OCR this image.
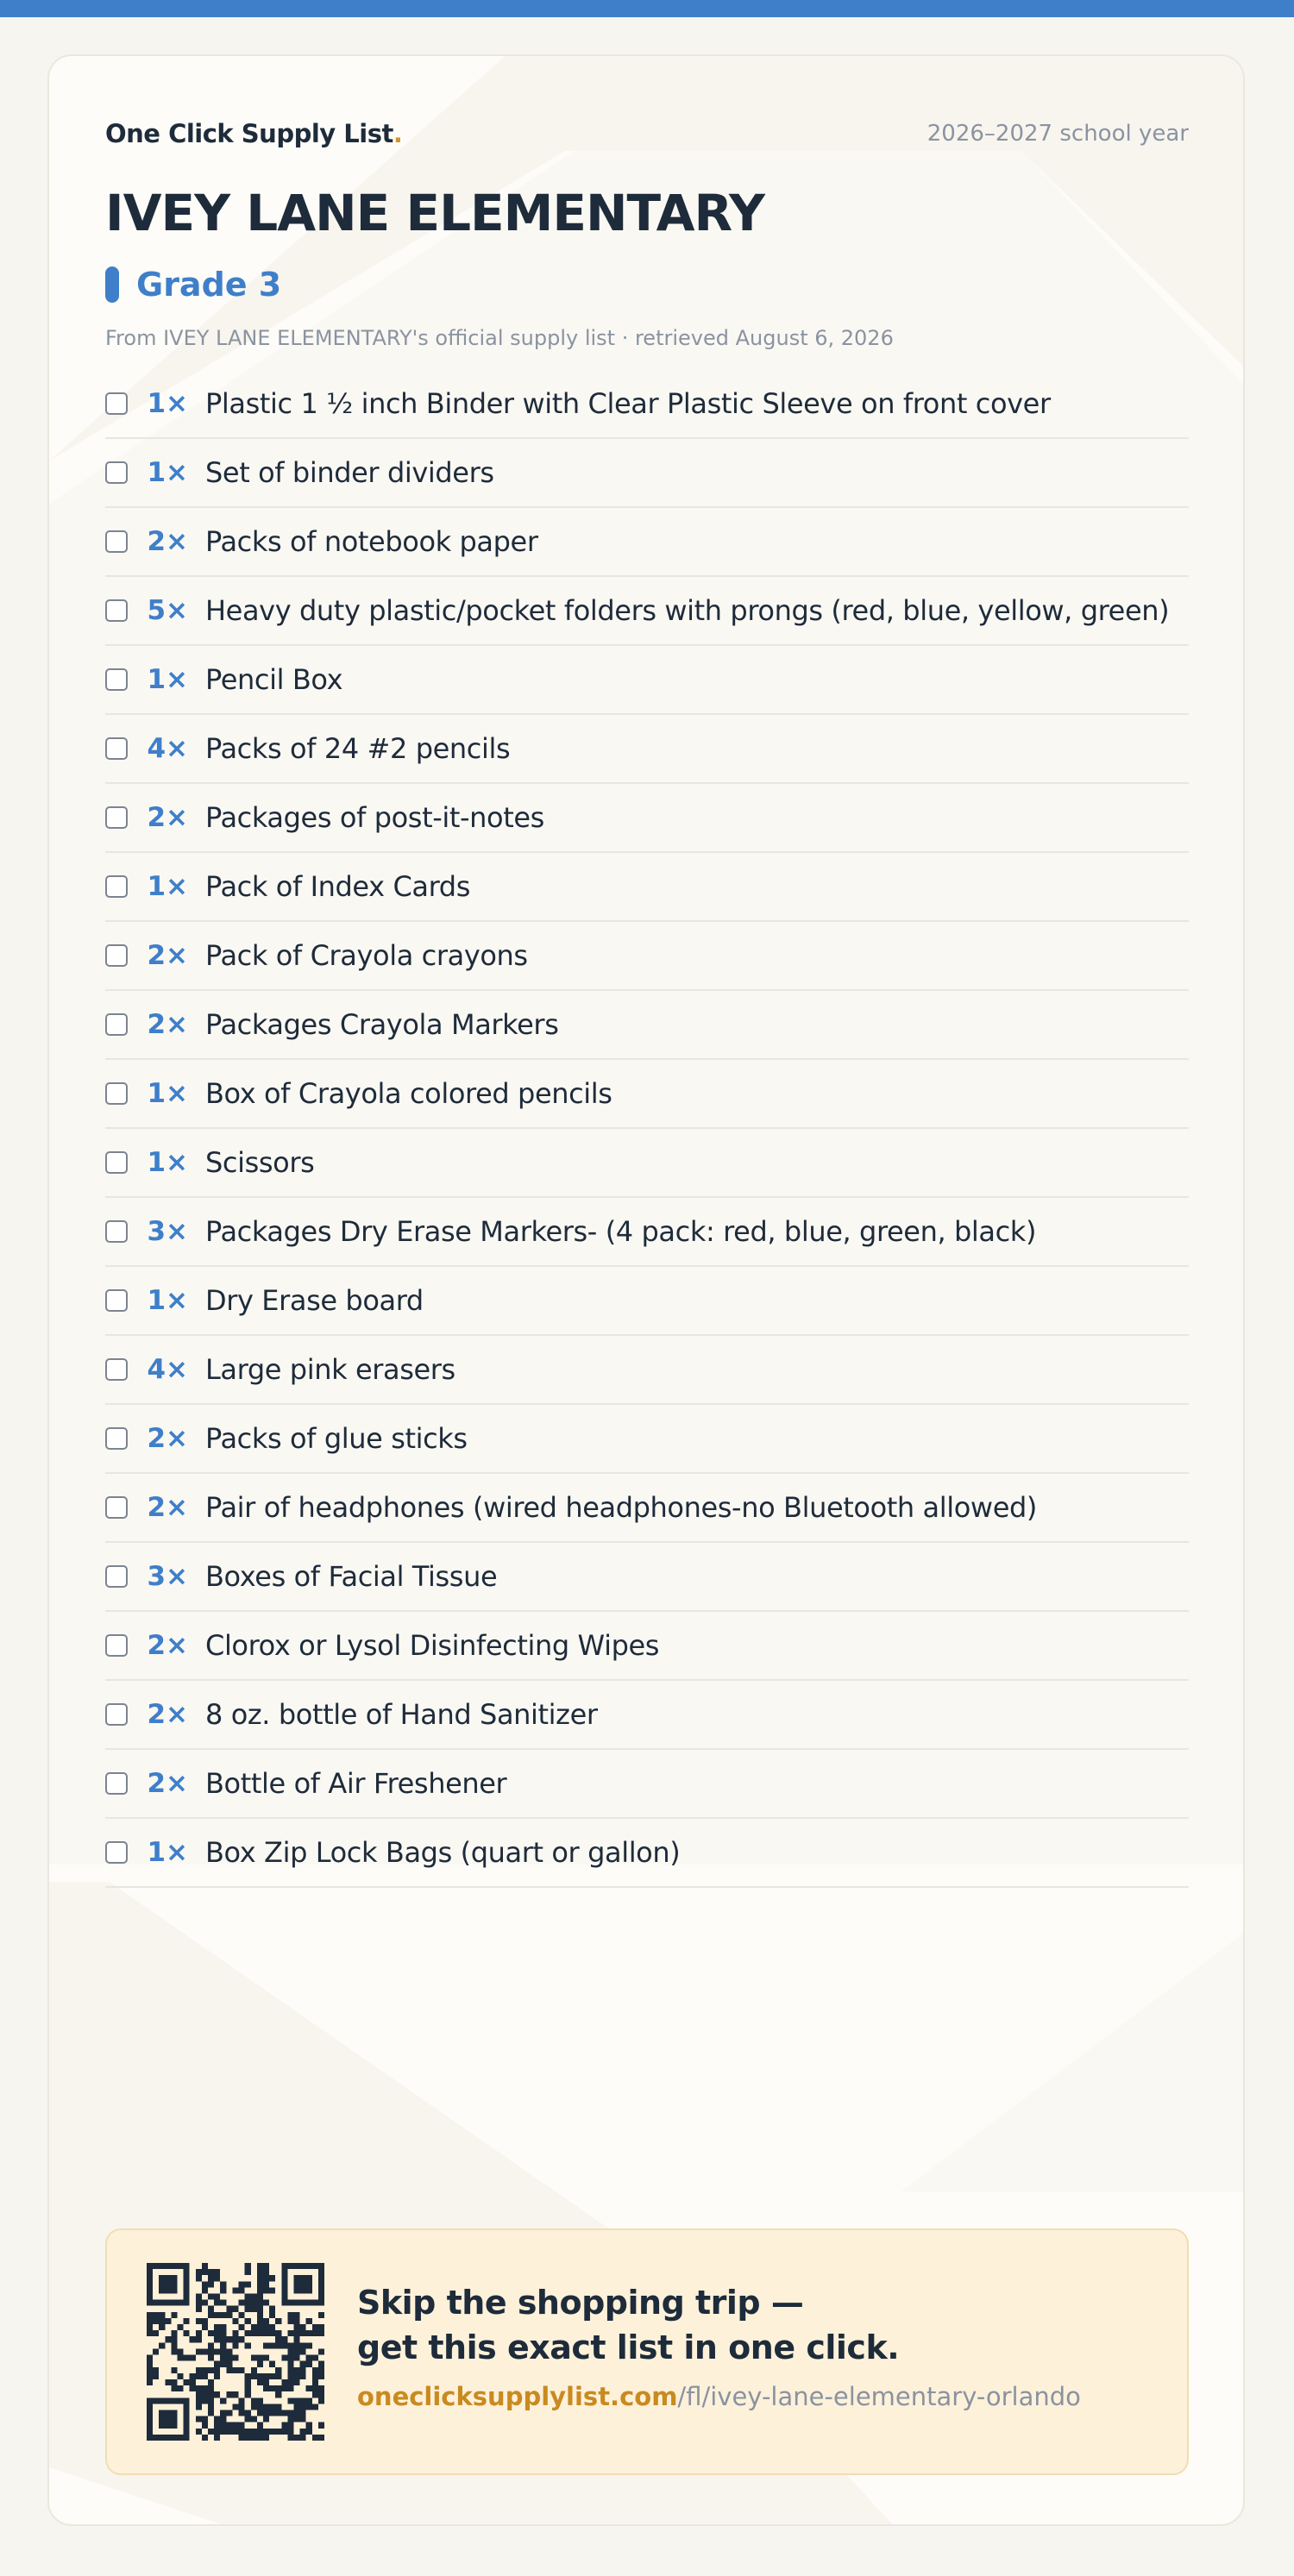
One Click Supply List.	2026–2027 school year
IVEY LANE ELEMENTARY
Grade 3
From IVEY LANE ELEMENTARY's official supply list · retrieved August 6, 2026
1× Plastic 1 ½ inch Binder with Clear Plastic Sleeve on front cover
1× Set of binder dividers
2× Packs of notebook paper
5× Heavy duty plastic/pocket folders with prongs (red, blue, yellow, green)
1× Pencil Box
4× Packs of 24 #2 pencils
2× Packages of post-it-notes
1× Pack of Index Cards
2× Pack of Crayola crayons
2× Packages Crayola Markers
1× Box of Crayola colored pencils
1× Scissors
3× Packages Dry Erase Markers- (4 pack: red, blue, green, black)
1× Dry Erase board
4× Large pink erasers
2× Packs of glue sticks
2× Pair of headphones (wired headphones-no Bluetooth allowed)
3× Boxes of Facial Tissue
2× Clorox or Lysol Disinfecting Wipes
2× 8 oz. bottle of Hand Sanitizer
2× Bottle of Air Freshener
1× Box Zip Lock Bags (quart or gallon)
Skip the shopping trip —
get this exact list in one click.
oneclicksupplylist.com/fl/ivey-lane-elementary-orlando
